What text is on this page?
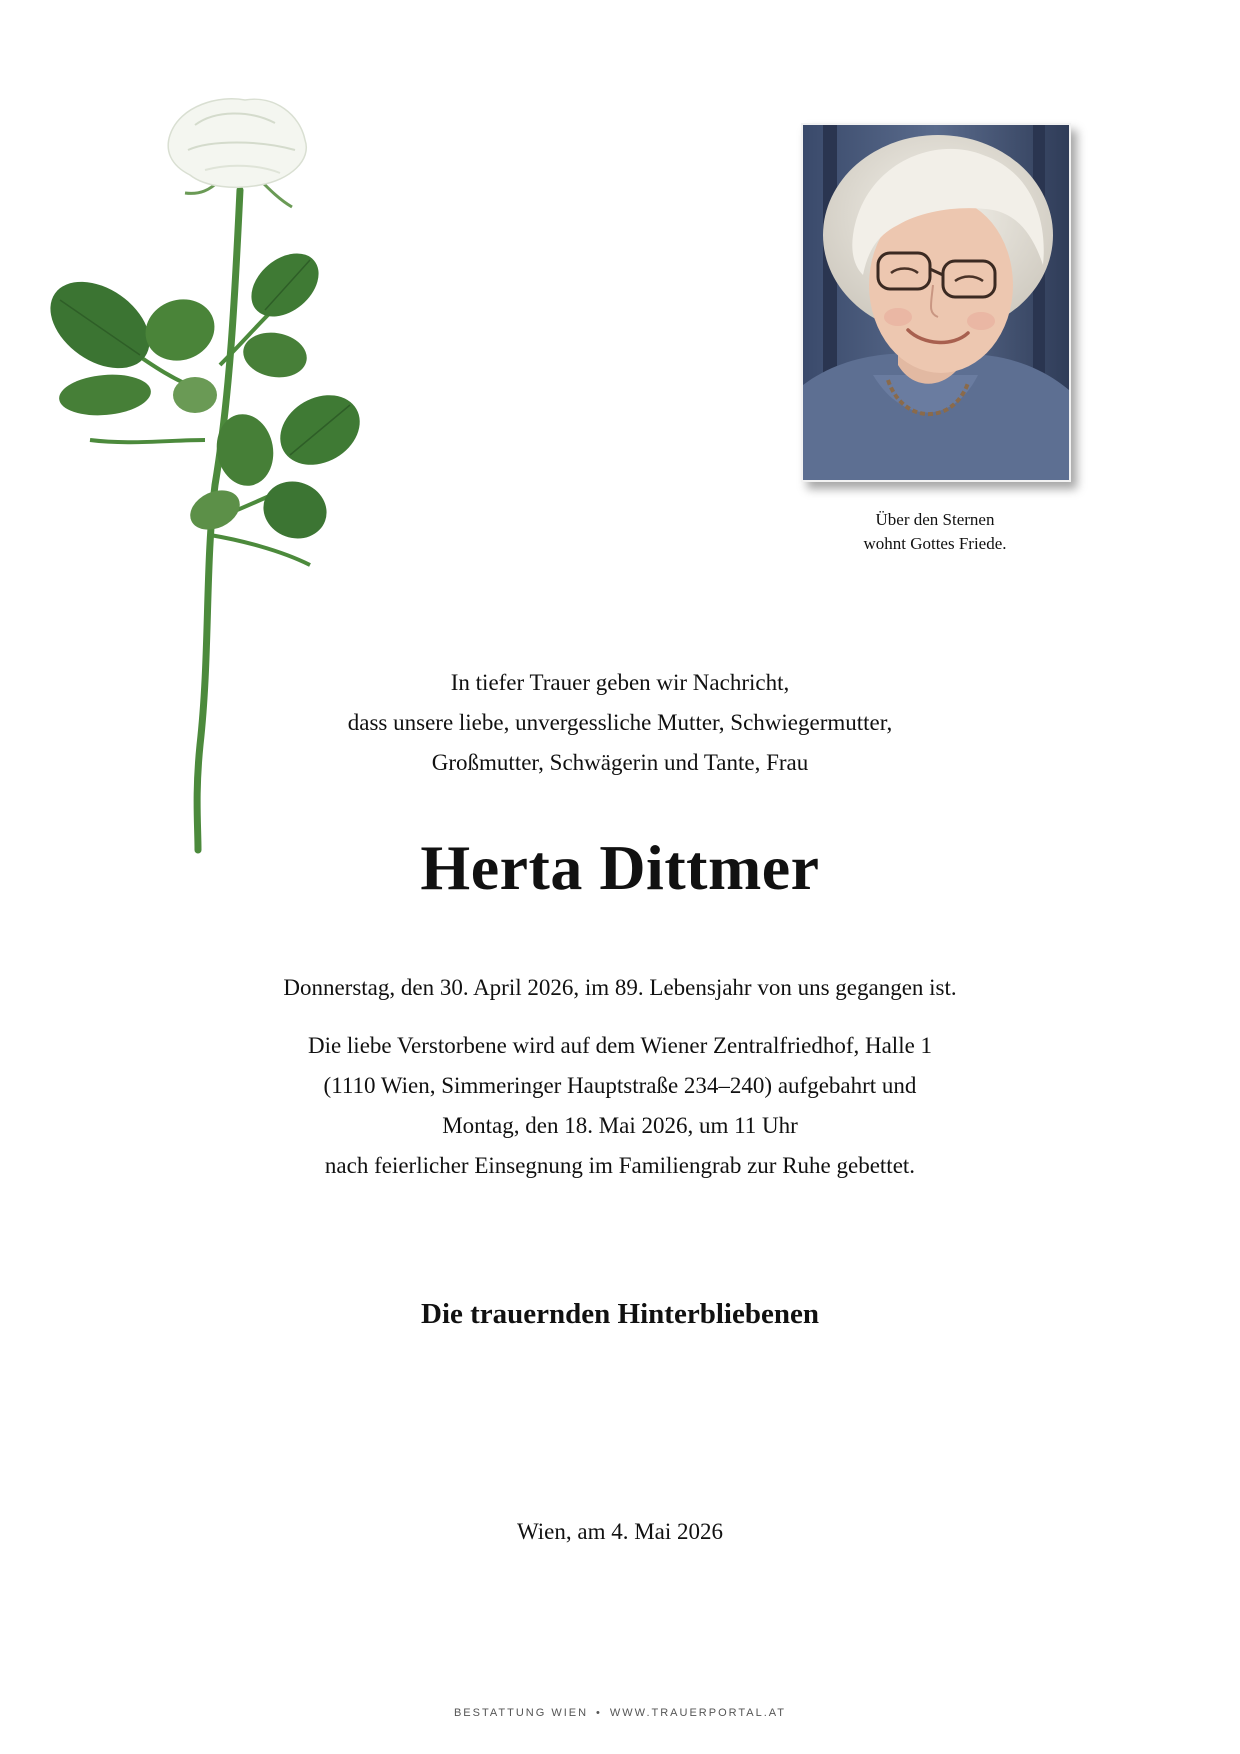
Über den Sternen
wohnt Gottes Friede.
In tiefer Trauer geben wir Nachricht,
dass unsere liebe, unvergessliche Mutter, Schwiegermutter,
Großmutter, Schwägerin und Tante, Frau
Herta Dittmer
Donnerstag, den 30. April 2026, im 89. Lebensjahr von uns gegangen ist.
Die liebe Verstorbene wird auf dem Wiener Zentralfriedhof, Halle 1
(1110 Wien, Simmeringer Hauptstraße 234–240) aufgebahrt und
Montag, den 18. Mai 2026, um 11 Uhr
nach feierlicher Einsegnung im Familiengrab zur Ruhe gebettet.
Die trauernden Hinterbliebenen
Wien, am 4. Mai 2026
BESTATTUNG WIEN • WWW.TRAUERPORTAL.AT
